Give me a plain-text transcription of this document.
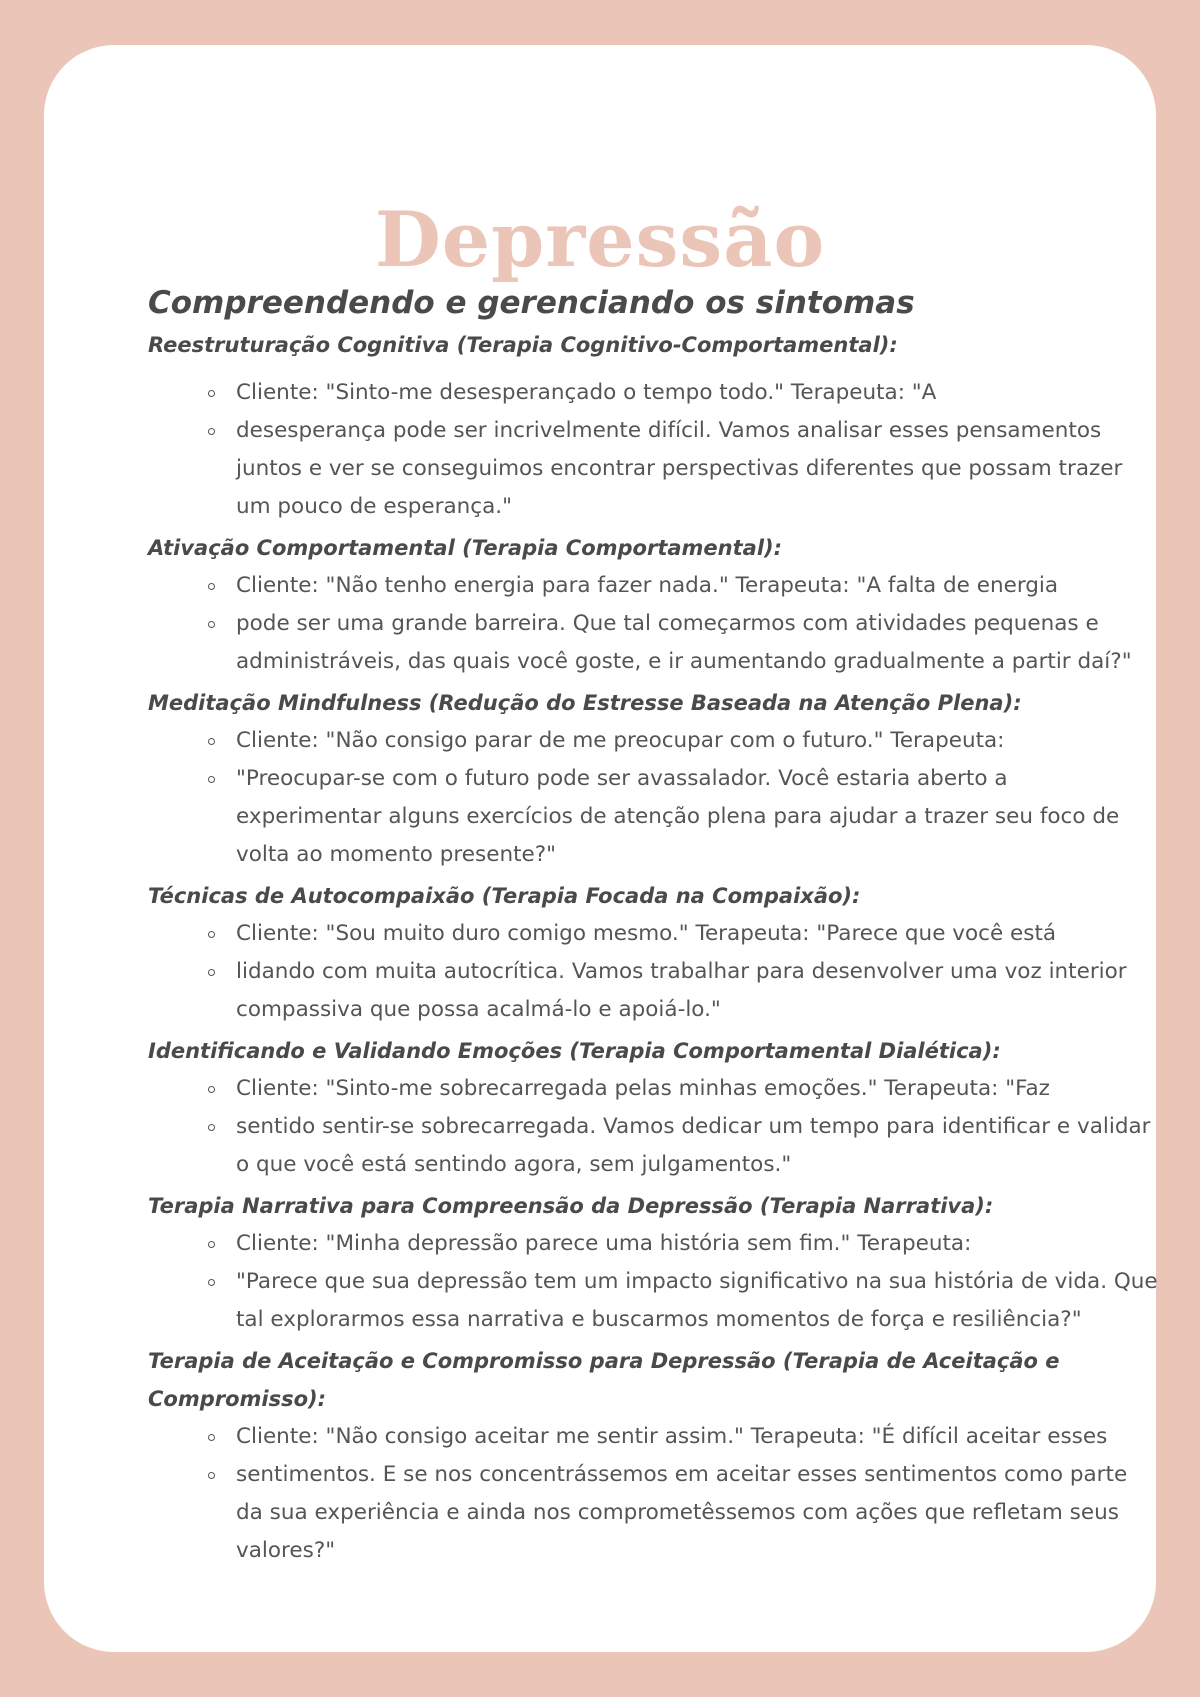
Depressão
Compreendendo e gerenciando os sintomas
Reestruturação Cognitiva (Terapia Cognitivo-Comportamental):
Cliente: "Sinto-me desesperançado o tempo todo." Terapeuta: "A
desesperança pode ser incrivelmente difícil. Vamos analisar esses pensamentos juntos e ver se conseguimos encontrar perspectivas diferentes que possam trazer um pouco de esperança."
Ativação Comportamental (Terapia Comportamental):
Cliente: "Não tenho energia para fazer nada." Terapeuta: "A falta de energia
pode ser uma grande barreira. Que tal começarmos com atividades pequenas e administráveis, das quais você goste, e ir aumentando gradualmente a partir daí?"
Meditação Mindfulness (Redução do Estresse Baseada na Atenção Plena):
Cliente: "Não consigo parar de me preocupar com o futuro." Terapeuta:
"Preocupar-se com o futuro pode ser avassalador. Você estaria aberto a experimentar alguns exercícios de atenção plena para ajudar a trazer seu foco de volta ao momento presente?"
Técnicas de Autocompaixão (Terapia Focada na Compaixão):
Cliente: "Sou muito duro comigo mesmo." Terapeuta: "Parece que você está
lidando com muita autocrítica. Vamos trabalhar para desenvolver uma voz interior compassiva que possa acalmá-lo e apoiá-lo."
Identificando e Validando Emoções (Terapia Comportamental Dialética):
Cliente: "Sinto-me sobrecarregada pelas minhas emoções." Terapeuta: "Faz
sentido sentir-se sobrecarregada. Vamos dedicar um tempo para identificar e validar o que você está sentindo agora, sem julgamentos."
Terapia Narrativa para Compreensão da Depressão (Terapia Narrativa):
Cliente: "Minha depressão parece uma história sem fim." Terapeuta:
"Parece que sua depressão tem um impacto significativo na sua história de vida. Que tal explorarmos essa narrativa e buscarmos momentos de força e resiliência?"
Terapia de Aceitação e Compromisso para Depressão (Terapia de Aceitação e Compromisso):
Cliente: "Não consigo aceitar me sentir assim." Terapeuta: "É difícil aceitar esses
sentimentos. E se nos concentrássemos em aceitar esses sentimentos como parte da sua experiência e ainda nos comprometêssemos com ações que refletam seus valores?"
